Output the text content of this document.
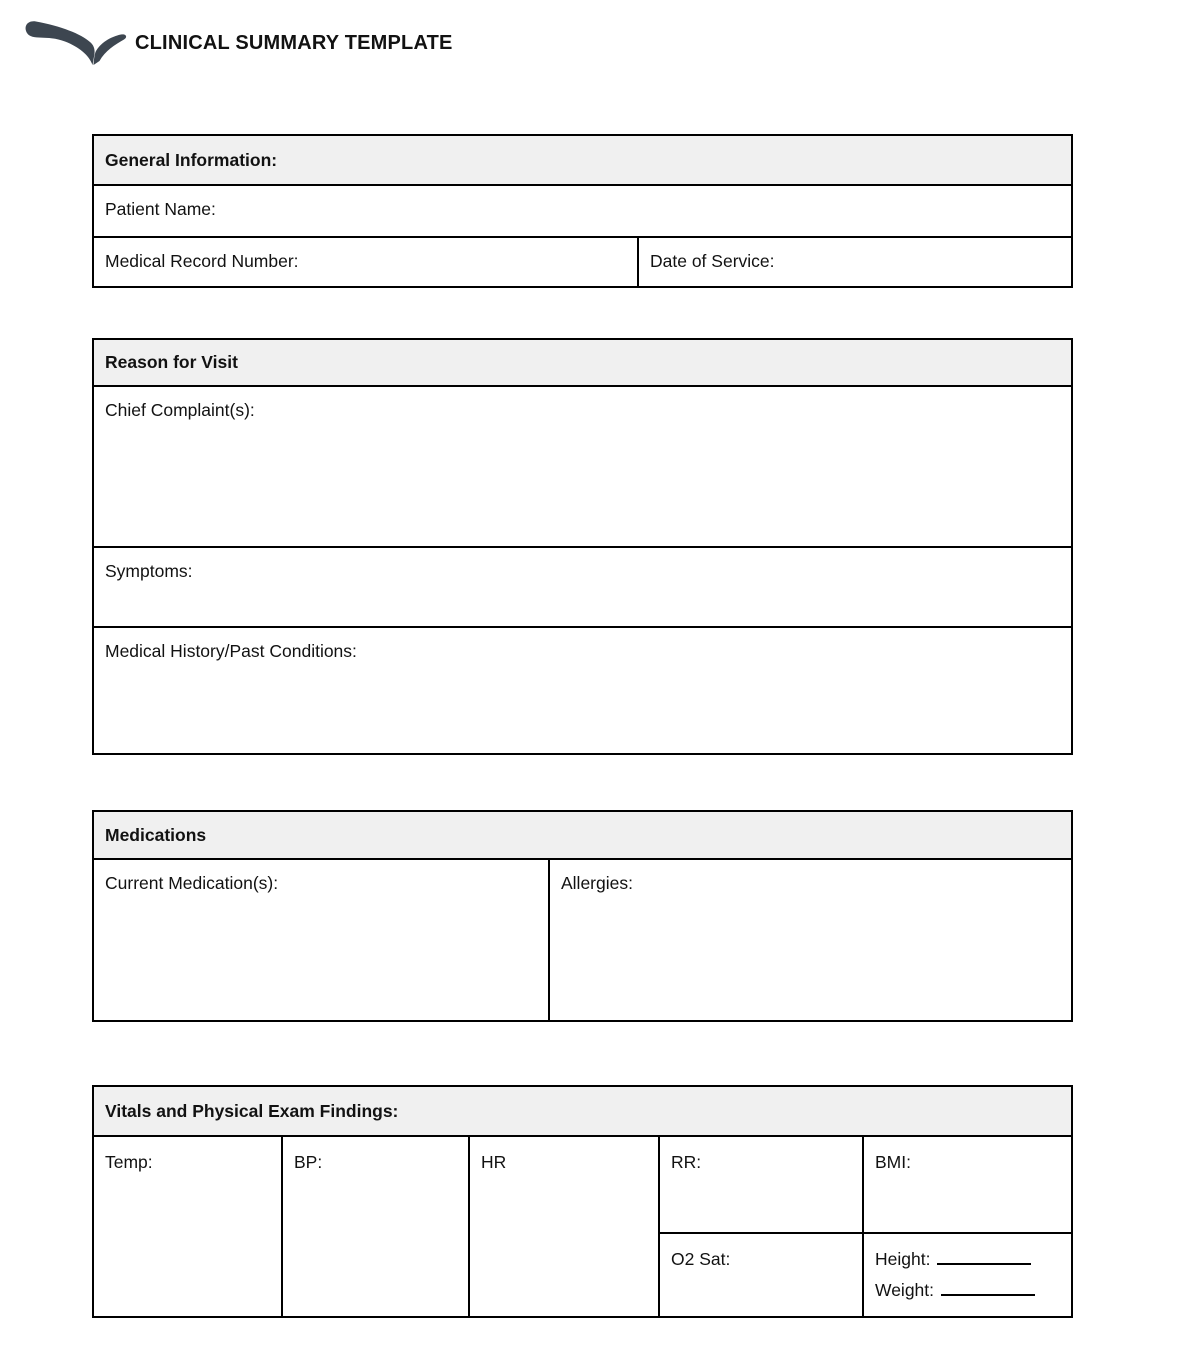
CLINICAL SUMMARY TEMPLATE
General Information:
Patient Name:
Medical Record Number:	Date of Service:
Reason for Visit
Chief Complaint(s):
Symptoms:
Medical History/Past Conditions:
Medications
Current Medication(s):	Allergies:
Vitals and Physical Exam Findings:
Temp:	BP:	HR	RR:	BMI:
O2 Sat:	Height:
Weight:
